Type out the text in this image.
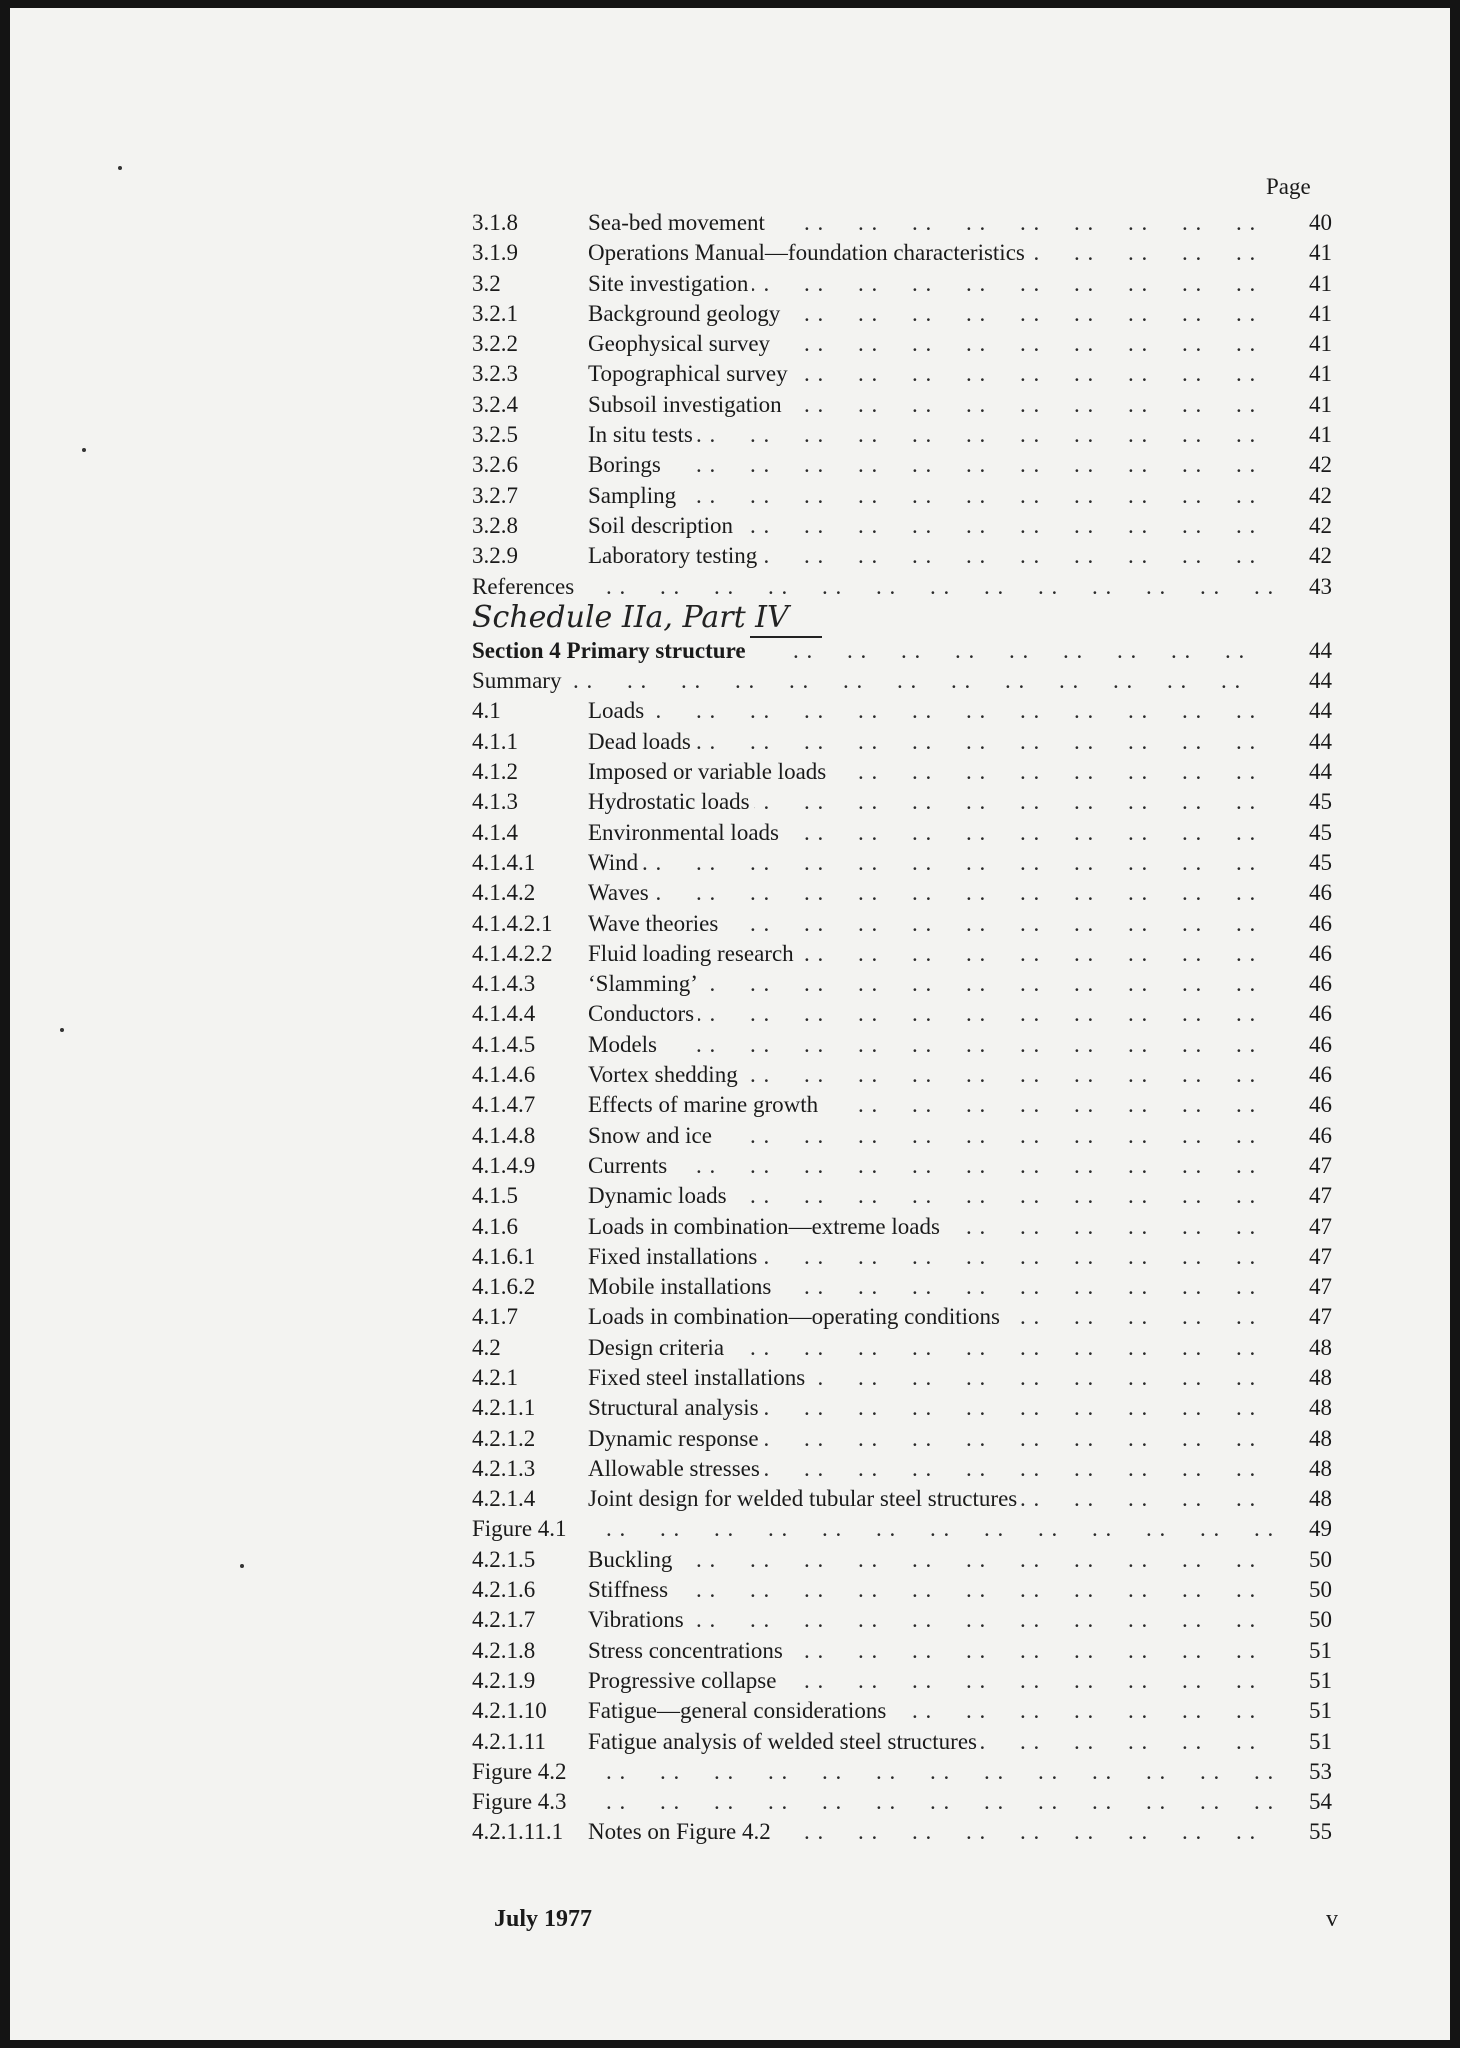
Page
. .
3.1.8	Sea-bed movement	40
. .
3.1.9	Operations Manual—foundation characteristics	41
. .
3.2	Site investigation	41
. .
3.2.1	Background geology	41
. .
3.2.2	Geophysical survey	41
. .
3.2.3	Topographical survey	41
. .
3.2.4	Subsoil investigation	41
. .
3.2.5	In situ tests	41
. .
3.2.6	Borings	42
. .
3.2.7	Sampling	42
. .
3.2.8	Soil description	42
. .
3.2.9	Laboratory testing	42
. .
References	43
Schedule IIa, Part IV
. .
Section 4 Primary structure	44
. .
Summary	44
. .
4.1	Loads	44
. .
4.1.1	Dead loads	44
. .
4.1.2	Imposed or variable loads	44
. .
4.1.3	Hydrostatic loads	45
. .
4.1.4	Environmental loads	45
. .
4.1.4.1 Wind	45
. .
4.1.4.2 Waves	46
. .
4.1.4.2.1 Wave theories	46
. .
4.1.4.2.2 Fluid loading research	46
. .
4.1.4.3 ‘Slamming’	46
. .
4.1.4.4 Conductors	46
. .
4.1.4.5 Models	46
. .
4.1.4.6 Vortex shedding	46
. .
4.1.4.7 Effects of marine growth	46
. .
4.1.4.8 Snow and ice	46
. .
4.1.4.9 Currents	47
. .
4.1.5	Dynamic loads	47
. .
4.1.6	Loads in combination—extreme loads	47
. .
4.1.6.1 Fixed installations	47
. .
4.1.6.2 Mobile installations	47
. .
4.1.7	Loads in combination—operating conditions	47
. .
4.2	Design criteria	48
. .
4.2.1	Fixed steel installations	48
. .
4.2.1.1 Structural analysis	48
. .
4.2.1.2 Dynamic response	48
. .
4.2.1.3 Allowable stresses	48
. .
4.2.1.4 Joint design for welded tubular steel structures	48
. .
Figure 4.1	49
. .
4.2.1.5 Buckling	50
. .
4.2.1.6 Stiffness	50
. .
4.2.1.7 Vibrations	50
. .
4.2.1.8 Stress concentrations	51
. .
4.2.1.9 Progressive collapse	51
. .
4.2.1.10 Fatigue—general considerations	51
. .
4.2.1.11 Fatigue analysis of welded steel structures	51
. .
Figure 4.2	53
. .
Figure 4.3	54
. .
4.2.1.11.1 Notes on Figure 4.2	55
July 1977	v
